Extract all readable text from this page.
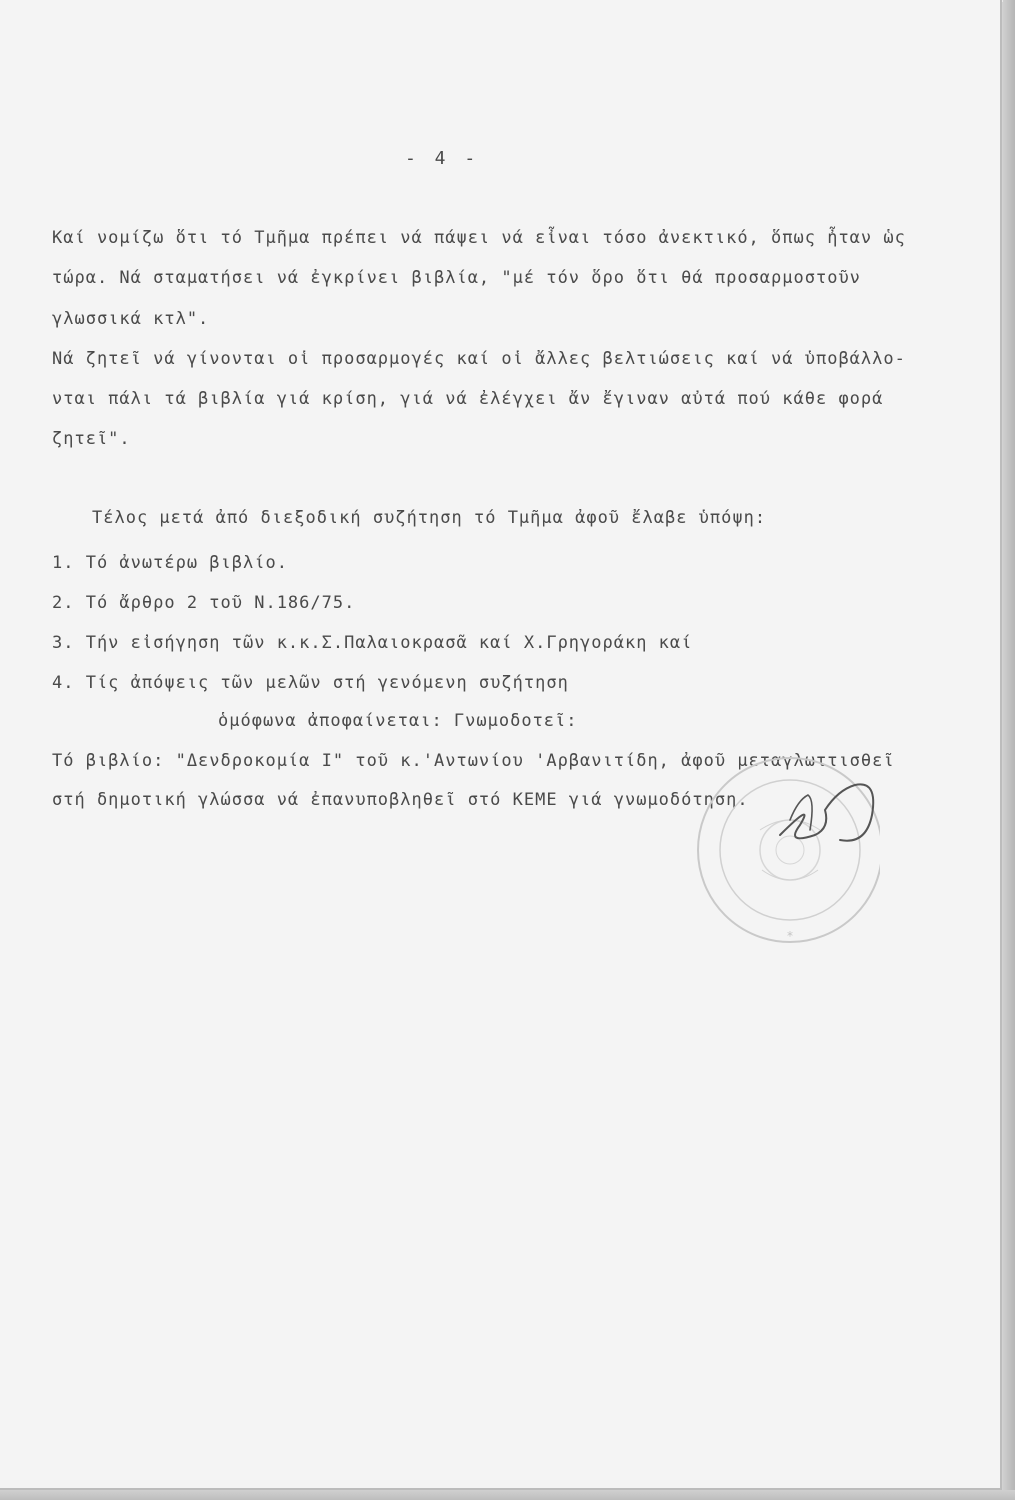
- 4 -
Καί νομίζω ὅτι τό Τμῆμα πρέπει νά πάψει νά εἶναι τόσο ἀνεκτικό, ὅπως ἦταν ὡς
τώρα. Νά σταματήσει νά ἐγκρίνει βιβλία, "μέ τόν ὅρο ὅτι θά προσαρμοστοῦν
γλωσσικά κτλ".
Νά ζητεῖ νά γίνονται οἱ προσαρμογές καί οἱ ἄλλες βελτιώσεις καί νά ὑποβάλλο-
νται πάλι τά βιβλία γιά κρίση, γιά νά ἐλέγχει ἄν ἔγιναν αὐτά πού κάθε φορά
ζητεῖ".
Τέλος μετά ἀπό διεξοδική συζήτηση τό Τμῆμα ἀφοῦ ἔλαβε ὑπόψη:
1. Τό ἀνωτέρω βιβλίο.
2. Τό ἄρθρο 2 τοῦ Ν.186/75.
3. Τήν εἰσήγηση τῶν κ.κ.Σ.Παλαιοκρασᾶ καί Χ.Γρηγοράκη καί
4. Τίς ἀπόψεις τῶν μελῶν στή γενόμενη συζήτηση
ὁμόφωνα ἀποφαίνεται: Γνωμοδοτεῖ:
Τό βιβλίο: "Δενδροκομία Ι" τοῦ κ.'Αντωνίου 'Αρβανιτίδη, ἀφοῦ μεταγλωττισθεῖ
στή δημοτική γλώσσα νά ἐπανυποβληθεῖ στό ΚΕΜΕ γιά γνωμοδότηση.
*
